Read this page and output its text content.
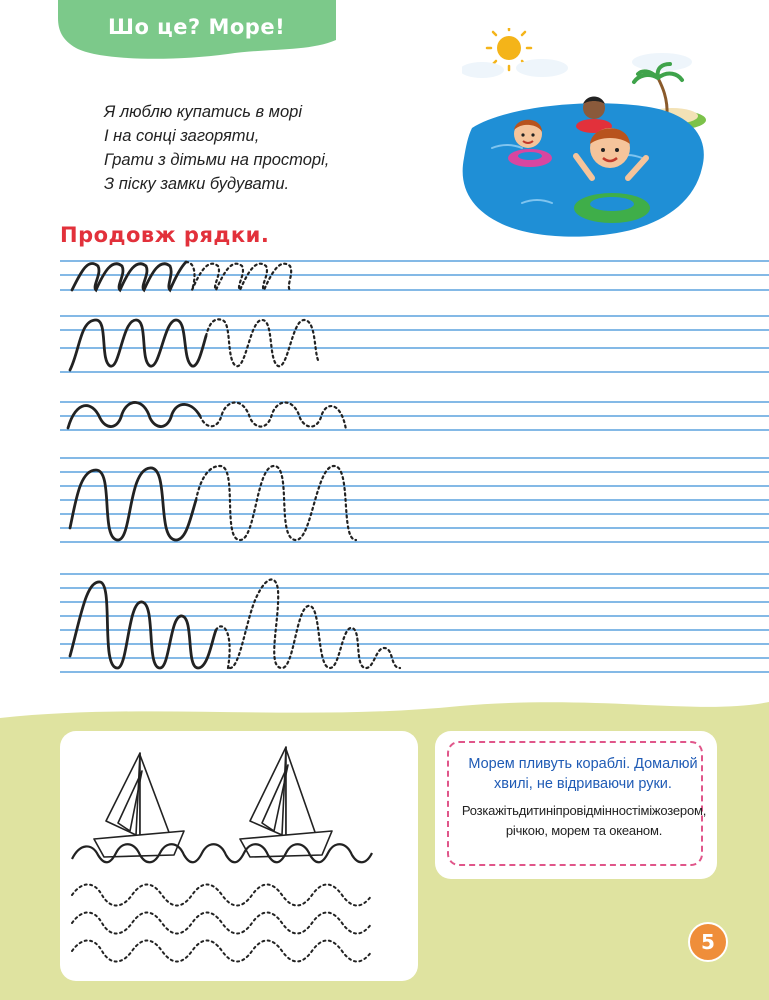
Шо це? Море!
Я люблю купатись в морі
І на сонці загоряти,
Грати з дітьми на просторі,
З піску замки будувати.
Продовж рядки.
Морем пливуть кораблі. Домалюй хвилі, не відриваючи руки.
Розкажітьдитиніпровідмінностіміжозером, річкою, морем та океаном.
5
